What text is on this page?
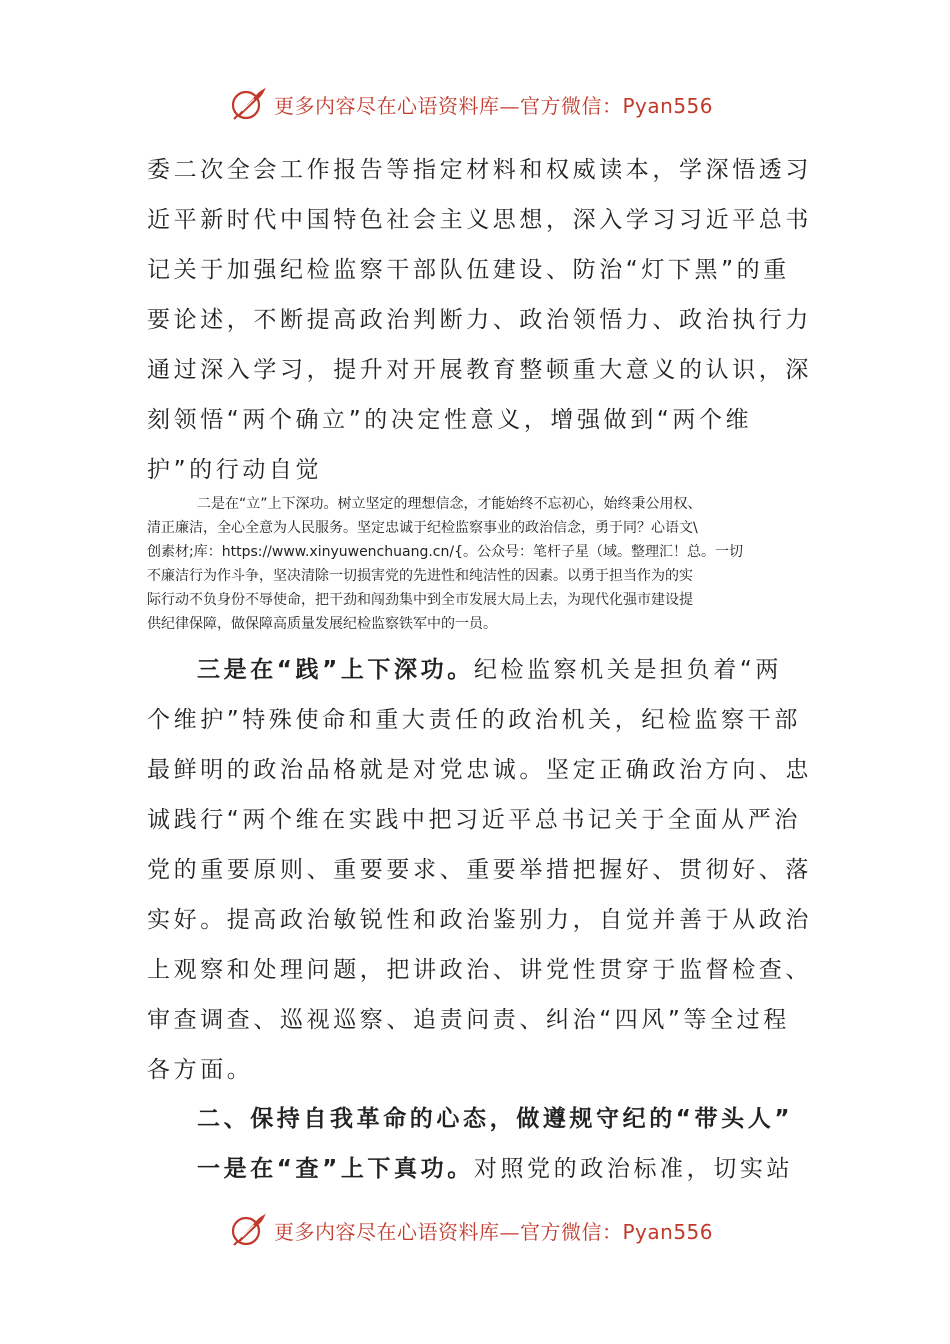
更多内容尽在心语资料库—官方微信：Pyan556
委二次全会工作报告等指定材料和权威读本，学深悟透习
近平新时代中国特色社会主义思想，深入学习习近平总书
记关于加强纪检监察干部队伍建设、防治“灯下黑”的重
要论述，不断提高政治判断力、政治领悟力、政治执行力
通过深入学习，提升对开展教育整顿重大意义的认识，深
刻领悟“两个确立”的决定性意义，增强做到“两个维
护”的行动自觉
二是在“立”上下深功。树立坚定的理想信念，才能始终不忘初心，始终秉公用权、
清正廉洁，全心全意为人民服务。坚定忠诚于纪检监察事业的政治信念，勇于同？心语文\
创素材;库：https://www.xinyuwenchuang.cn/{。公众号：笔杆子星（域。整理汇！总。一切
不廉洁行为作斗争，坚决清除一切损害党的先进性和纯洁性的因素。以勇于担当作为的实
际行动不负身份不辱使命，把干劲和闯劲集中到全市发展大局上去，为现代化强市建设提
供纪律保障，做保障高质量发展纪检监察铁军中的一员。
三是在“践”上下深功。纪检监察机关是担负着“两
个维护”特殊使命和重大责任的政治机关，纪检监察干部
最鲜明的政治品格就是对党忠诚。坚定正确政治方向、忠
诚践行“两个维在实践中把习近平总书记关于全面从严治
党的重要原则、重要要求、重要举措把握好、贯彻好、落
实好。提高政治敏锐性和政治鉴别力，自觉并善于从政治
上观察和处理问题，把讲政治、讲党性贯穿于监督检查、
审查调查、巡视巡察、追责问责、纠治“四风”等全过程
各方面。
二、保持自我革命的心态，做遵规守纪的“带头人”
一是在“查”上下真功。对照党的政治标准，切实站
更多内容尽在心语资料库—官方微信：Pyan556
